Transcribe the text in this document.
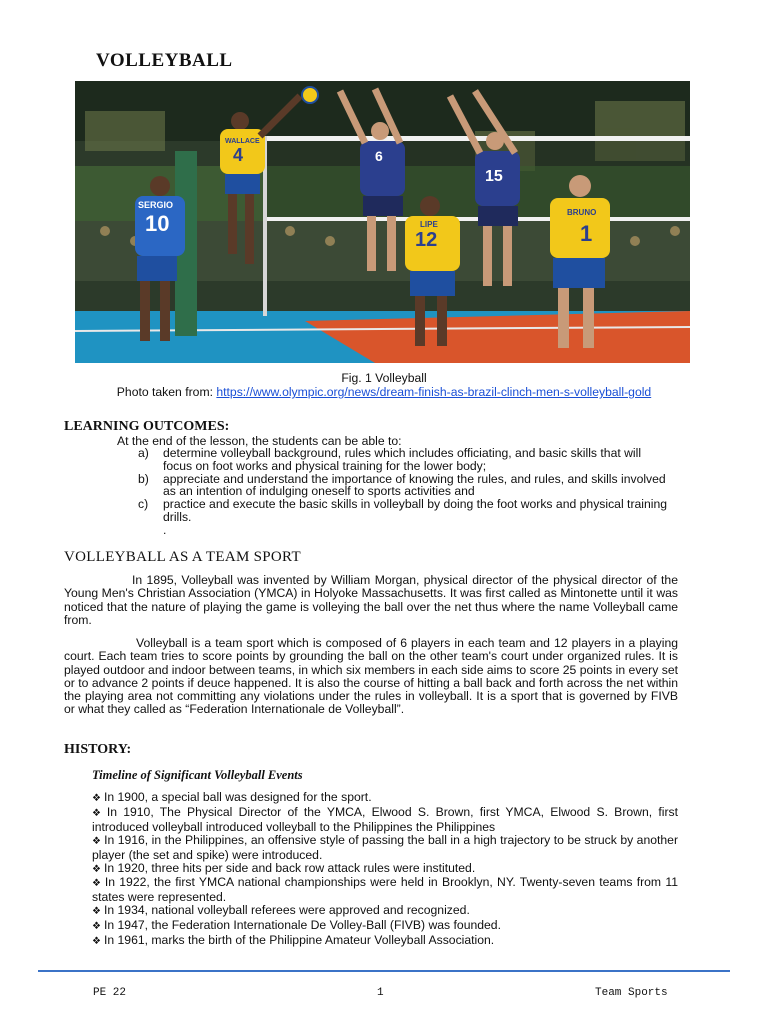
VOLLEYBALL
10
SERGIO
4
WALLACE
6
15
12
LIPE	1
BRUNO
Fig. 1 Volleyball
Photo taken from: https://www.olympic.org/news/dream-finish-as-brazil-clinch-men-s-volleyball-gold
LEARNING OUTCOMES:
At the end of the lesson, the students can be able to:
a)	determine volleyball background, rules which includes officiating, and basic skills that will focus on foot works and physical training for the lower body;
b)	appreciate and understand the importance of knowing the rules, and rules, and skills involved as an intention of indulging oneself to sports activities and
c)	practice and execute the basic skills in volleyball by doing the foot works and physical training drills.
.
VOLLEYBALL AS A TEAM SPORT
In 1895, Volleyball was invented by William Morgan, physical director of the physical director of the Young Men's Christian Association (YMCA) in Holyoke Massachusetts. It was first called as Mintonette until it was noticed that the nature of playing the game is volleying the ball over the net thus where the name Volleyball came from.
Volleyball is a team sport which is composed of 6 players in each team and 12 players in a playing court. Each team tries to score points by grounding the ball on the other team's court under organized rules. It is played outdoor and indoor between teams, in which six members in each side aims to score 25 points in every set or to advance 2 points if deuce happened. It is also the course of hitting a ball back and forth across the net within the playing area not committing any violations under the rules in volleyball. It is a sport that is governed by FIVB or what they called as “Federation Internationale de Volleyball”.
HISTORY:
Timeline of Significant Volleyball Events
❖ In 1900, a special ball was designed for the sport.
❖ In 1910, The Physical Director of the YMCA, Elwood S. Brown, first YMCA, Elwood S. Brown, first introduced volleyball introduced volleyball to the Philippines the Philippines
❖ In 1916, in the Philippines, an offensive style of passing the ball in a high trajectory to be struck by another player (the set and spike) were introduced.
❖ In 1920, three hits per side and back row attack rules were instituted.
❖ In 1922, the first YMCA national championships were held in Brooklyn, NY. Twenty-seven teams from 11 states were represented.
❖ In 1934, national volleyball referees were approved and recognized.
❖ In 1947, the Federation Internationale De Volley-Ball (FIVB) was founded.
❖ In 1961, marks the birth of the Philippine Amateur Volleyball Association.
PE 22	1	Team Sports
